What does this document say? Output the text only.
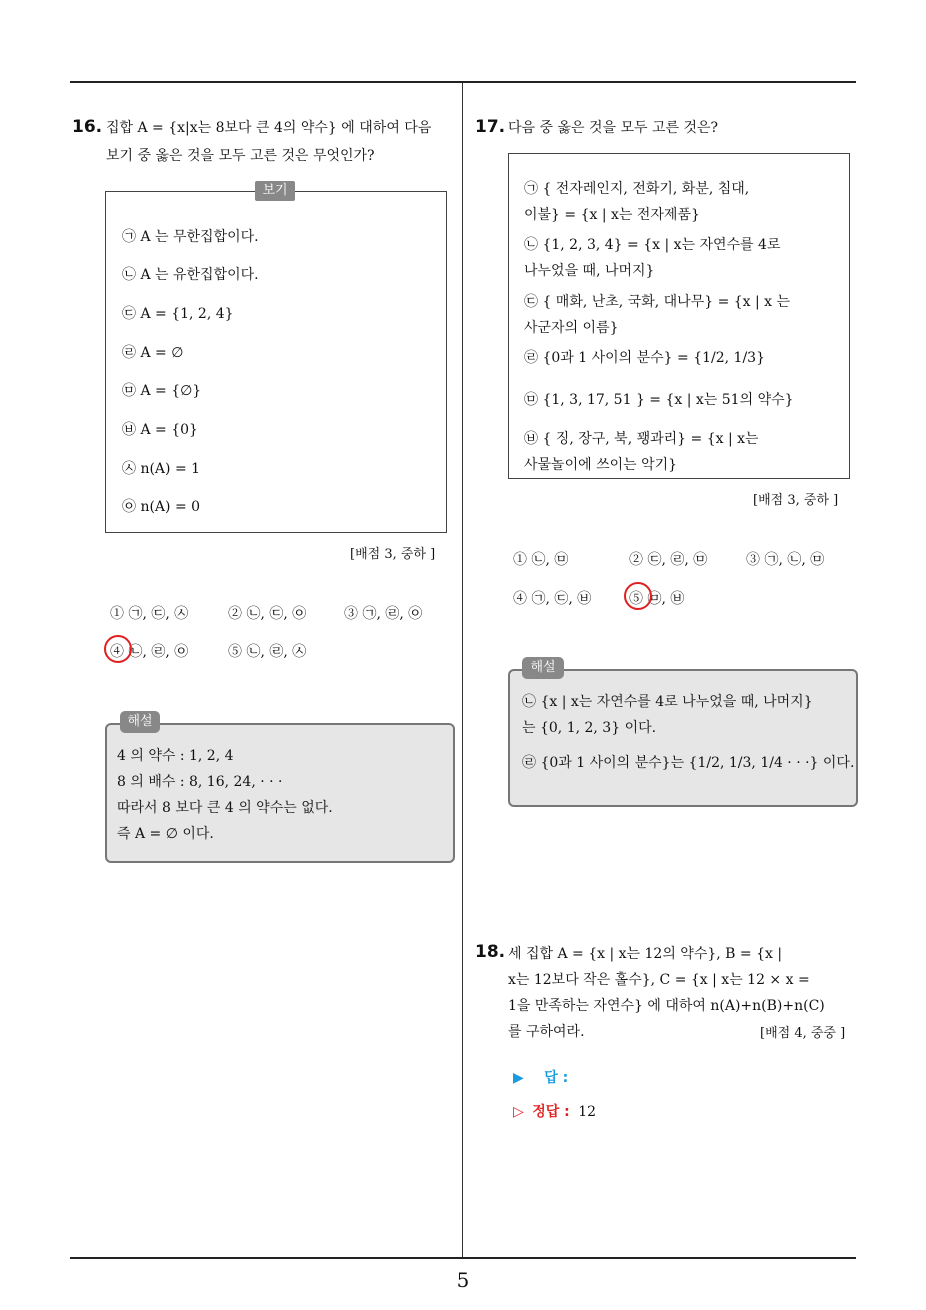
16. 집합 A = {x|x는 8보다 큰 4의 약수} 에 대하여 다음
보기 중 옳은 것을 모두 고른 것은 무엇인가?
보기
㉠ A 는 무한집합이다.
㉡ A 는 유한집합이다.
㉢ A = {1, 2, 4}
㉣ A = ∅
㉤ A = {∅}
㉥ A = {0}
㉦ n(A) = 1
㉧ n(A) = 0
[배점 3, 중하 ]
① ㉠, ㉢, ㉦	② ㉡, ㉢, ㉧	③ ㉠, ㉣, ㉧
④ ㉡, ㉣, ㉧	⑤ ㉡, ㉣, ㉦
해설
4 의 약수 : 1, 2, 4
8 의 배수 : 8, 16, 24, · · ·
따라서 8 보다 큰 4 의 약수는 없다.
즉 A = ∅ 이다.
17. 다음 중 옳은 것을 모두 고른 것은?
㉠ { 전자레인지, 전화기, 화분, 침대,
이불} = {x | x는 전자제품}
㉡ {1, 2, 3, 4} = {x | x는 자연수를 4로
나누었을 때, 나머지}
㉢ { 매화, 난초, 국화, 대나무} = {x | x 는
사군자의 이름}
㉣ {0과 1 사이의 분수} = {1/2, 1/3}
㉤ {1, 3, 17, 51 } = {x | x는 51의 약수}
㉥ { 징, 장구, 북, 꽹과리} = {x | x는
사물놀이에 쓰이는 악기}
[배점 3, 중하 ]
① ㉡, ㉤	② ㉢, ㉣, ㉤	③ ㉠, ㉡, ㉤
④ ㉠, ㉢, ㉥	⑤ ㉤, ㉥
해설
㉡ {x | x는 자연수를 4로 나누었을 때, 나머지}
는 {0, 1, 2, 3} 이다.
㉣ {0과 1 사이의 분수}는 {1/2, 1/3, 1/4 · · ·} 이다.
18. 세 집합 A = {x | x는 12의 약수}, B = {x |
x는 12보다 작은 홀수}, C = {x | x는 12 × x =
1을 만족하는 자연수} 에 대하여 n(A)+n(B)+n(C)
를 구하여라.	[배점 4, 중중 ]
▶ 답 :
▷ 정답 : 12
5
